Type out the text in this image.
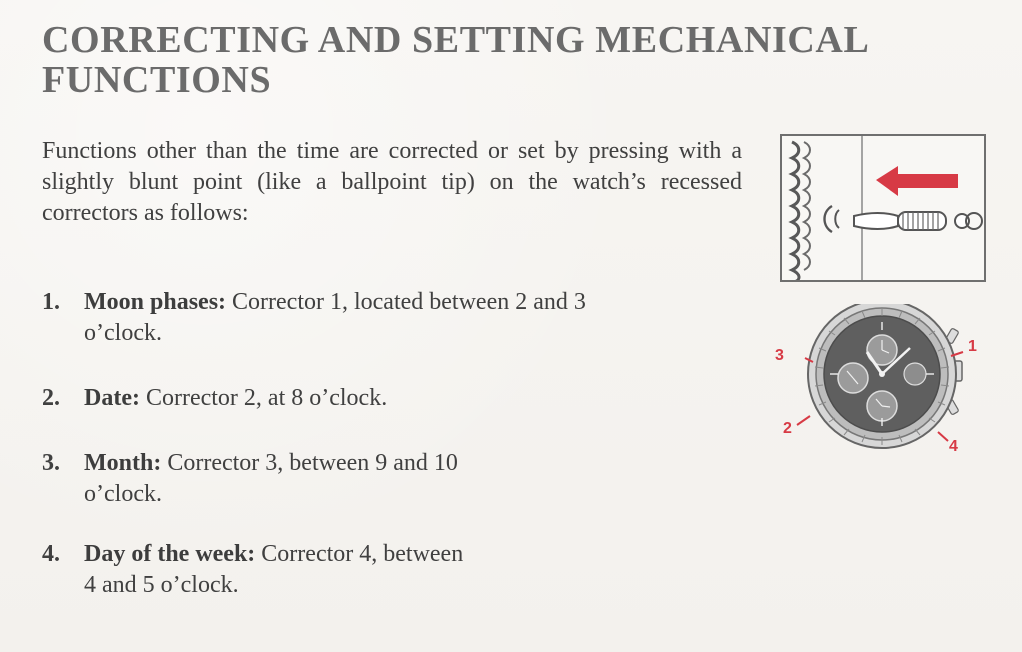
CORRECTING AND SETTING MECHANICAL
FUNCTIONS

Functions other than the time are corrected or set by pressing with a slightly blunt point (like a ballpoint tip) on the watch’s recessed correctors as follows:

1.	Moon phases: Corrector 1, located between 2 and 3 o’clock.
2.	Date: Corrector 2, at 8 o’clock.
3.	Month: Corrector 3, between 9 and 10 o’clock.
4.	Day of the week: Corrector 4, between 4 and 5 o’clock.
1
3
2
4
